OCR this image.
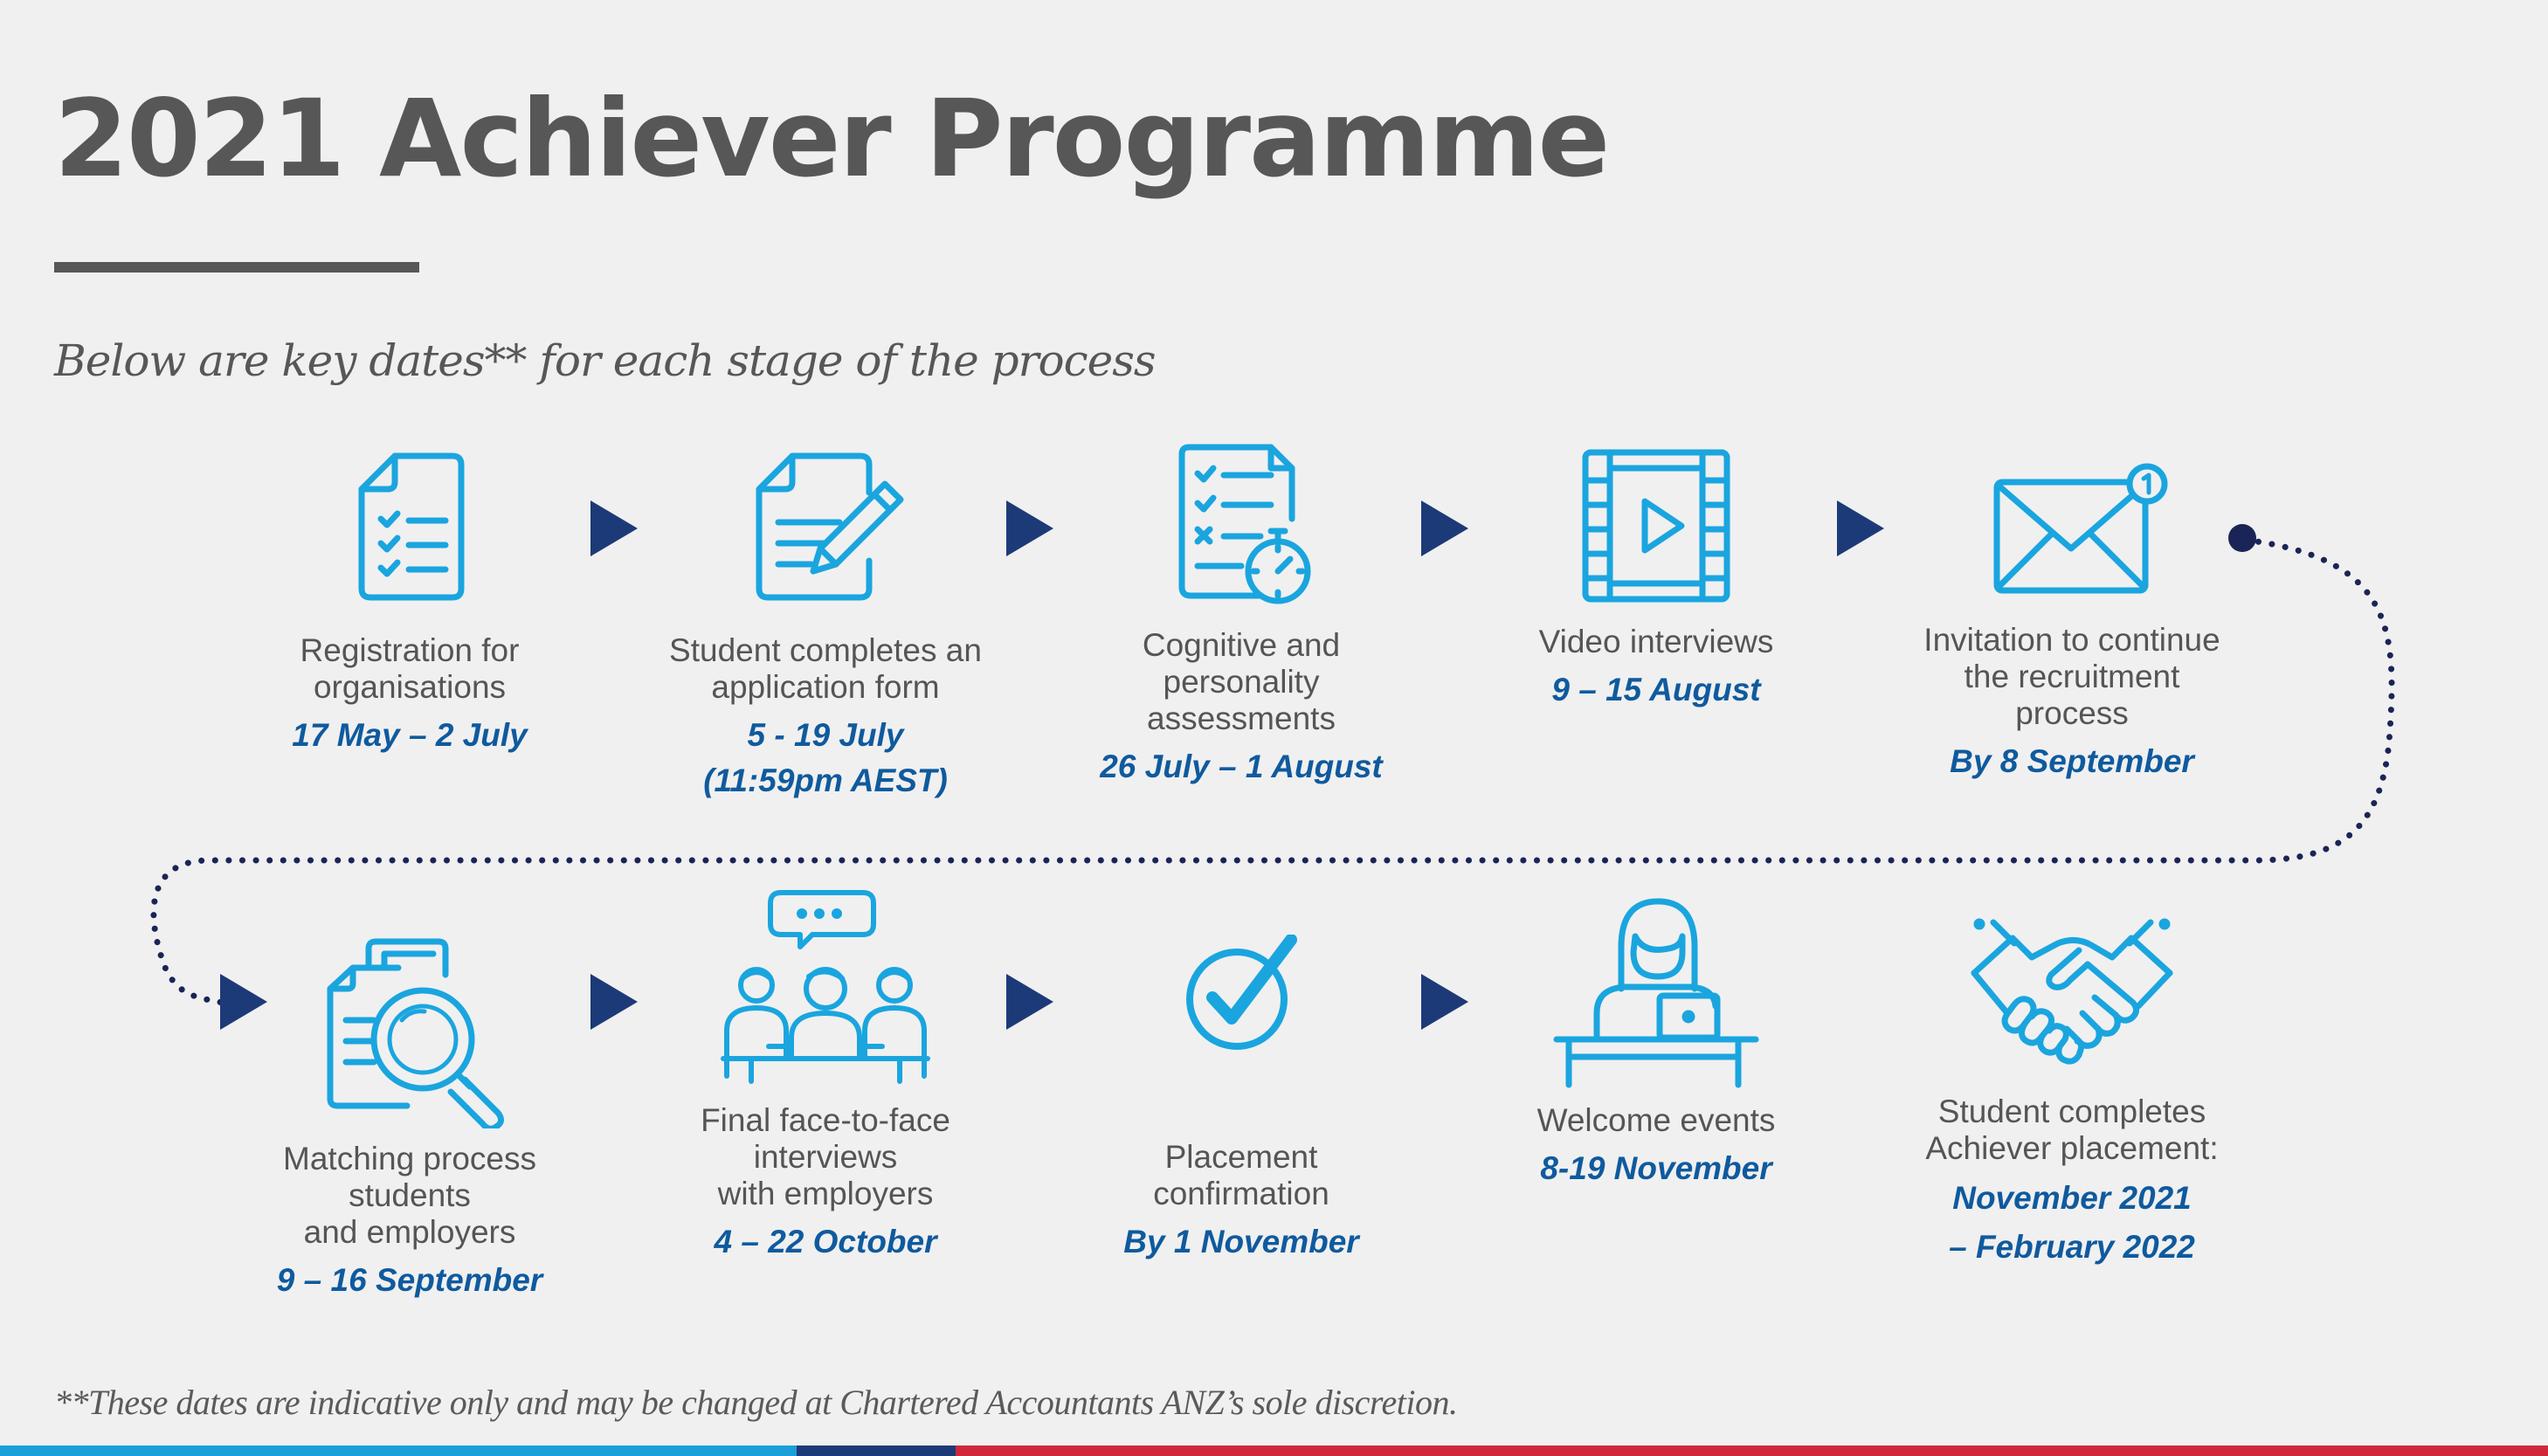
2021 Achiever Programme
Below are key dates** for each stage of the process
Registration for
organisations
17 May – 2 July
Student completes an
application form
5 - 19 July
(11:59pm AEST)
Cognitive and
personality
assessments
26 July – 1 August
Video interviews
9 – 15 August
Invitation to continue
the recruitment
process
By 8 September
Matching process
students
and employers
9 – 16 September
Final face-to-face
interviews
with employers
4 – 22 October
Placement
confirmation
By 1 November
Welcome events
8-19 November
Student completes
Achiever placement:
November 2021
– February 2022
**These dates are indicative only and may be changed at Chartered Accountants ANZ’s sole discretion.
